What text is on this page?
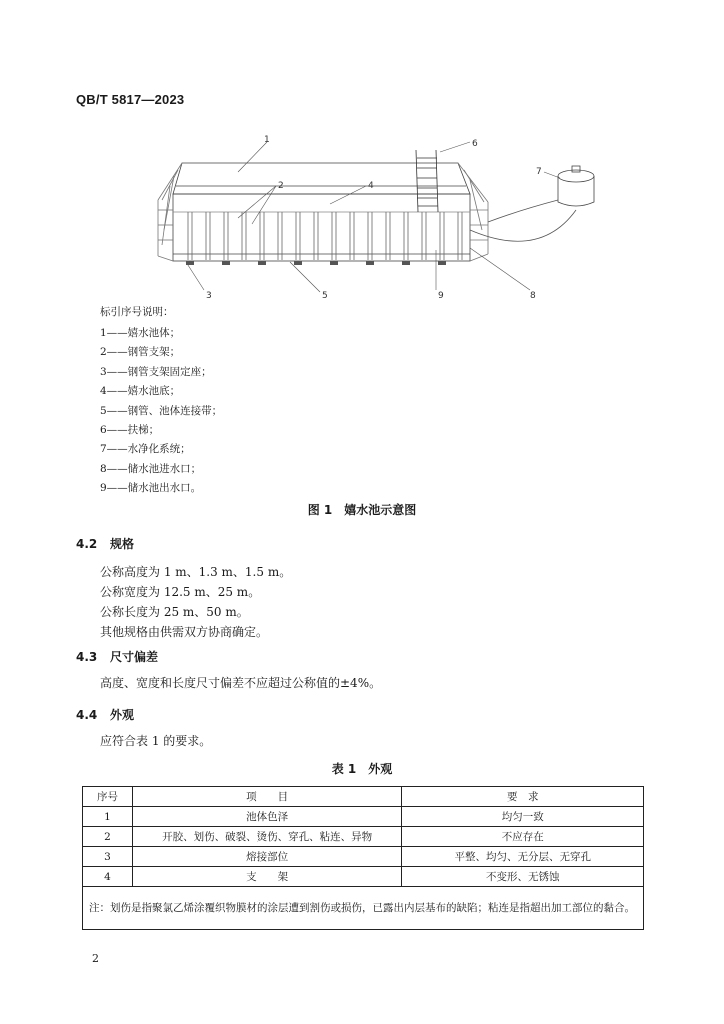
QB/T 5817—2023
1
2
3
4
5
6
7
8
9
标引序号说明：
1——嬉水池体；
2——钢管支架；
3——钢管支架固定座；
4——嬉水池底；
5——钢管、池体连接带；
6——扶梯；
7——水净化系统；
8——储水池进水口；
9——储水池出水口。
图 1　嬉水池示意图
4.2 规格
公称高度为 1 m、1.3 m、1.5 m。
公称宽度为 12.5 m、25 m。
公称长度为 25 m、50 m。
其他规格由供需双方协商确定。
4.3 尺寸偏差
高度、宽度和长度尺寸偏差不应超过公称值的±4%。
4.4 外观
应符合表 1 的要求。
表 1　外观
序号	项　　目	要　求
1	池体色泽	均匀一致
2	开胶、划伤、破裂、烫伤、穿孔、粘连、异物	不应存在
3	熔接部位	平整、均匀、无分层、无穿孔
4	支　　架	不变形、无锈蚀
注：划伤是指聚氯乙烯涂覆织物膜材的涂层遭到割伤或损伤，已露出内层基布的缺陷；粘连是指超出加工部位的黏合。		
2
